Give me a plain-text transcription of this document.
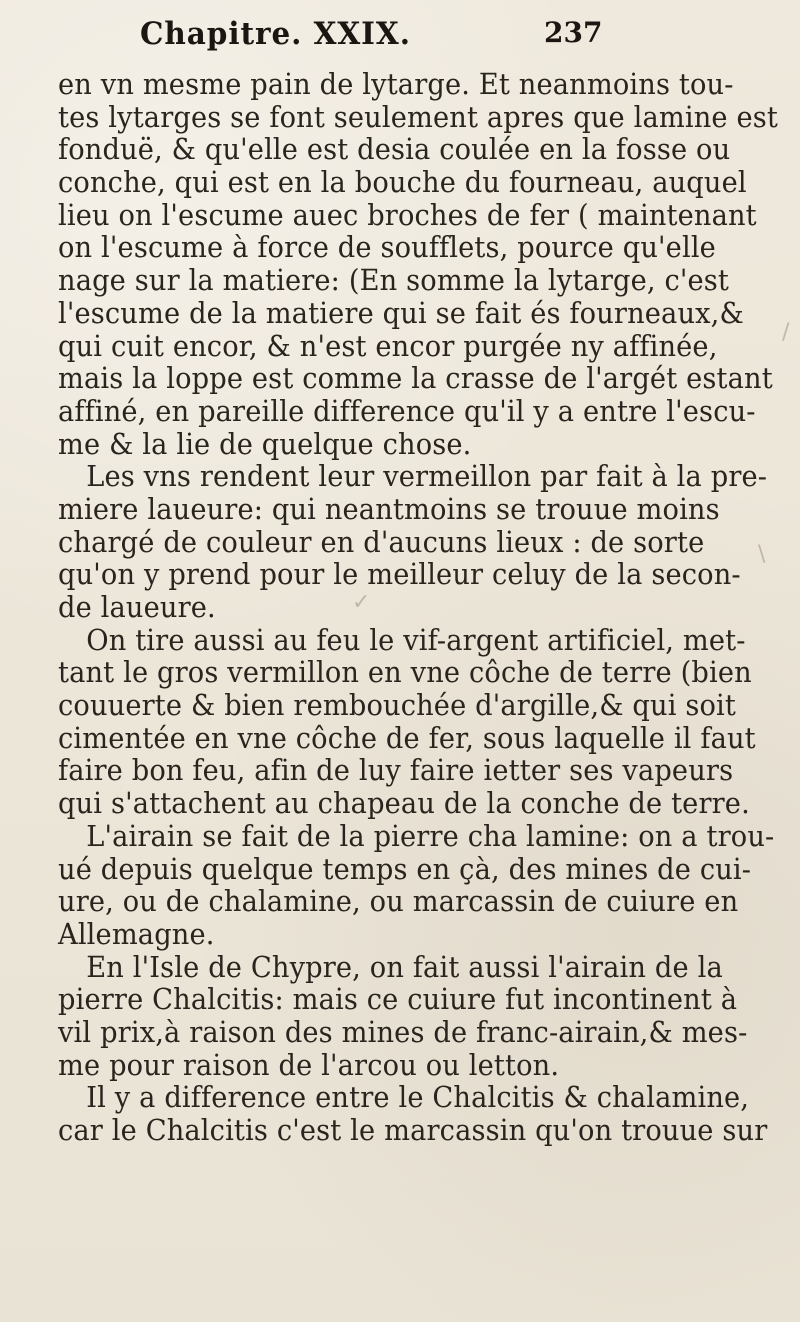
Chapitre. XXIX.	237
en vn mesme pain de lytarge. Et neanmoins tou-
tes lytarges se font seulement apres que lamine est
fonduë, & qu'elle est desia coulée en la fosse ou
conche, qui est en la bouche du fourneau, auquel
lieu on l'escume auec broches de fer ( maintenant
on l'escume à force de soufflets, pource qu'elle
nage sur la matiere: (En somme la lytarge, c'est
l'escume de la matiere qui se fait és fourneaux,&
qui cuit encor, & n'est encor purgée ny affinée,
mais la loppe est comme la crasse de l'argét estant
affiné, en pareille difference qu'il y a entre l'escu-
me & la lie de quelque chose.
Les vns rendent leur vermeillon par fait à la pre-
miere laueure: qui neantmoins se trouue moins
chargé de couleur en d'aucuns lieux : de sorte
qu'on y prend pour le meilleur celuy de la secon-
de laueure.
On tire aussi au feu le vif-argent artificiel, met-
tant le gros vermillon en vne côche de terre (bien
couuerte & bien rembouchée d'argille,& qui soit
cimentée en vne côche de fer, sous laquelle il faut
faire bon feu, afin de luy faire ietter ses vapeurs
qui s'attachent au chapeau de la conche de terre.
L'airain se fait de la pierre cha lamine: on a trou-
ué depuis quelque temps en çà, des mines de cui-
ure, ou de chalamine, ou marcassin de cuiure en
Allemagne.
En l'Isle de Chypre, on fait aussi l'airain de la
pierre Chalcitis: mais ce cuiure fut incontinent à
vil prix,à raison des mines de franc-airain,& mes-
me pour raison de l'arcou ou letton.
Il y a difference entre le Chalcitis & chalamine,
car le Chalcitis c'est le marcassin qu'on trouue sur
✓
\
/
